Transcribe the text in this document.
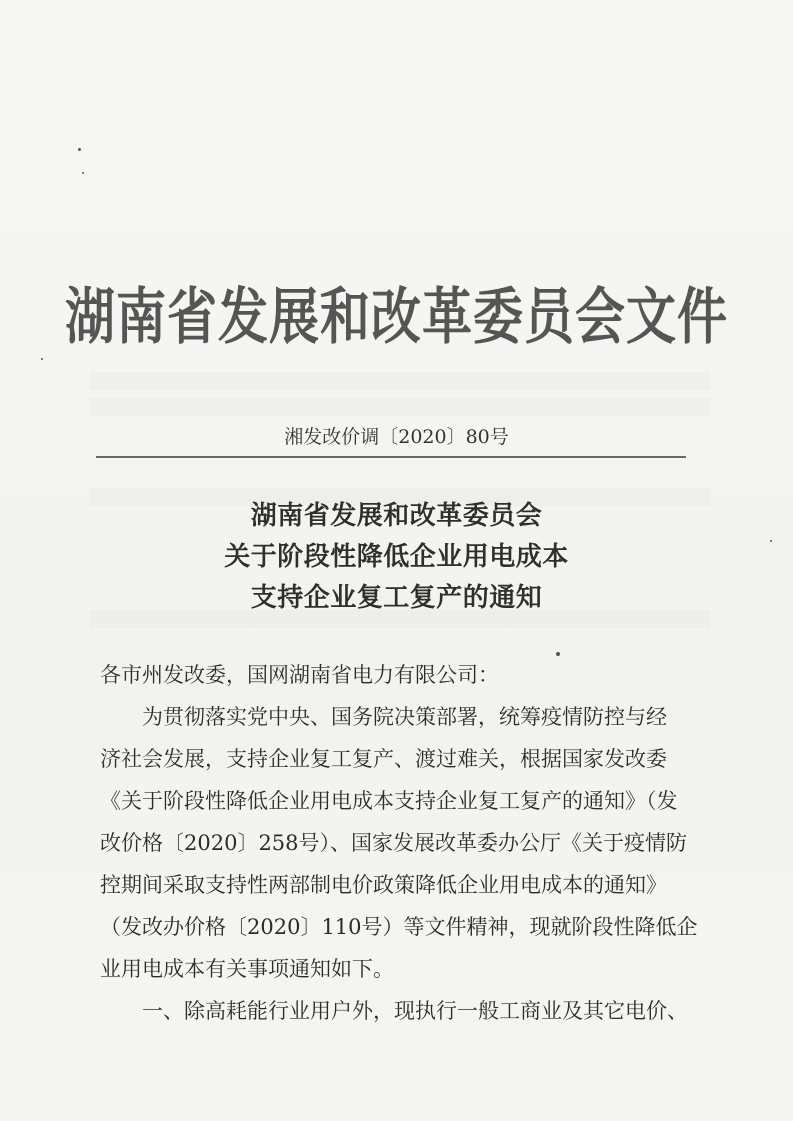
湖南省发展和改革委员会文件
湘发改价调〔2020〕80号
湖南省发展和改革委员会
关于阶段性降低企业用电成本
支持企业复工复产的通知
各市州发改委，国网湖南省电力有限公司：
为贯彻落实党中央、国务院决策部署，统筹疫情防控与经
济社会发展，支持企业复工复产、渡过难关，根据国家发改委
《关于阶段性降低企业用电成本支持企业复工复产的通知》（发
改价格〔2020〕258号）、国家发展改革委办公厅《关于疫情防
控期间采取支持性两部制电价政策降低企业用电成本的通知》
（发改办价格〔2020〕110号）等文件精神，现就阶段性降低企
业用电成本有关事项通知如下。
一、除高耗能行业用户外，现执行一般工商业及其它电价、
